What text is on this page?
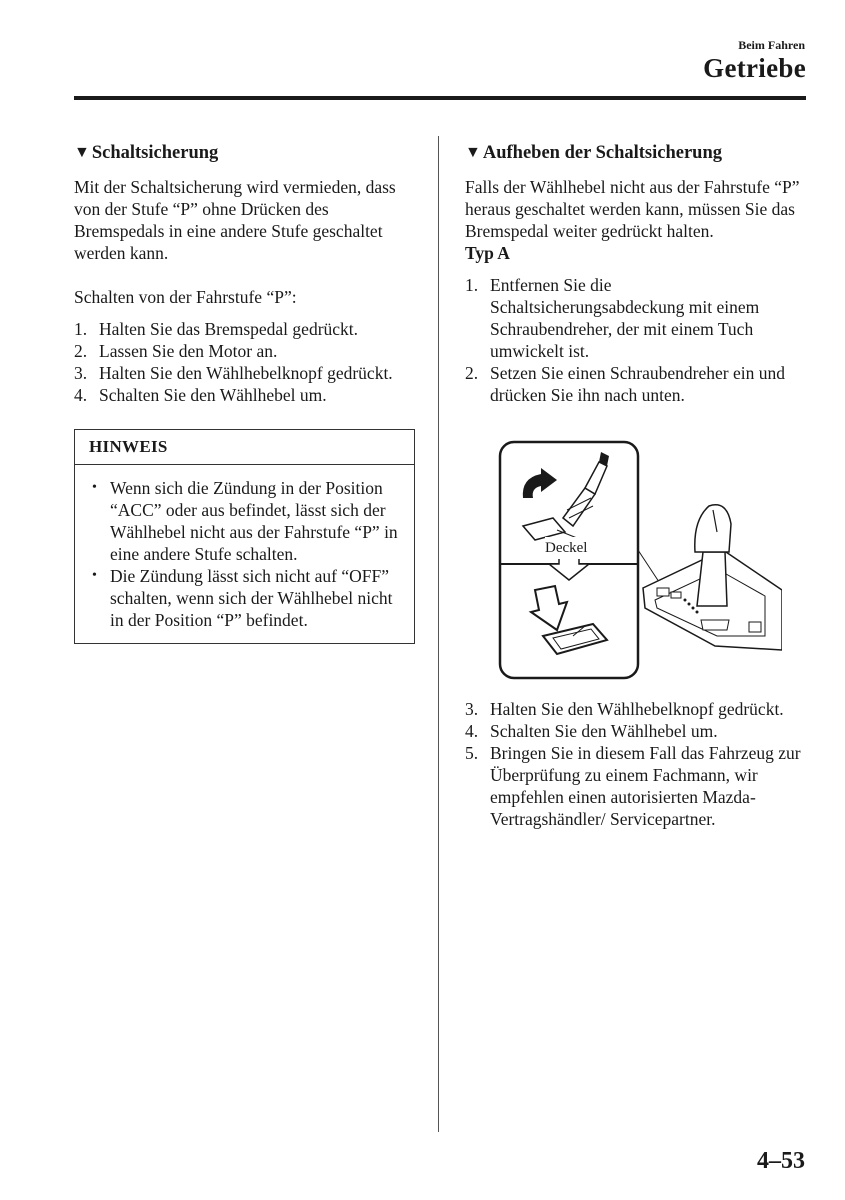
Beim Fahren
Getriebe
▼ Schaltsicherung

Mit der Schaltsicherung wird vermieden, dass von der Stufe “P” ohne Drücken des Bremspedals in eine andere Stufe geschaltet werden kann.

Schalten von der Fahrstufe “P”:

1. Halten Sie das Bremspedal gedrückt.
2. Lassen Sie den Motor an.
3. Halten Sie den Wählhebelknopf gedrückt.
4. Schalten Sie den Wählhebel um.
HINWEIS
• Wenn sich die Zündung in der Position “ACC” oder aus befindet, lässt sich der Wählhebel nicht aus der Fahrstufe “P” in eine andere Stufe schalten.
• Die Zündung lässt sich nicht auf “OFF” schalten, wenn sich der Wählhebel nicht in der Position “P” befindet.
▼ Aufheben der Schaltsicherung

Falls der Wählhebel nicht aus der Fahrstufe “P” heraus geschaltet werden kann, müssen Sie das Bremspedal weiter gedrückt halten.

Typ A

1. Entfernen Sie die Schaltsicherungsabdeckung mit einem Schraubendreher, der mit einem Tuch umwickelt ist.
2. Setzen Sie einen Schraubendreher ein und drücken Sie ihn nach unten.
Deckel
3. Halten Sie den Wählhebelknopf gedrückt.
4. Schalten Sie den Wählhebel um.
5. Bringen Sie in diesem Fall das Fahrzeug zur Überprüfung zu einem Fachmann, wir empfehlen einen autorisierten Mazda-Vertragshändler/ Servicepartner.
4–53
